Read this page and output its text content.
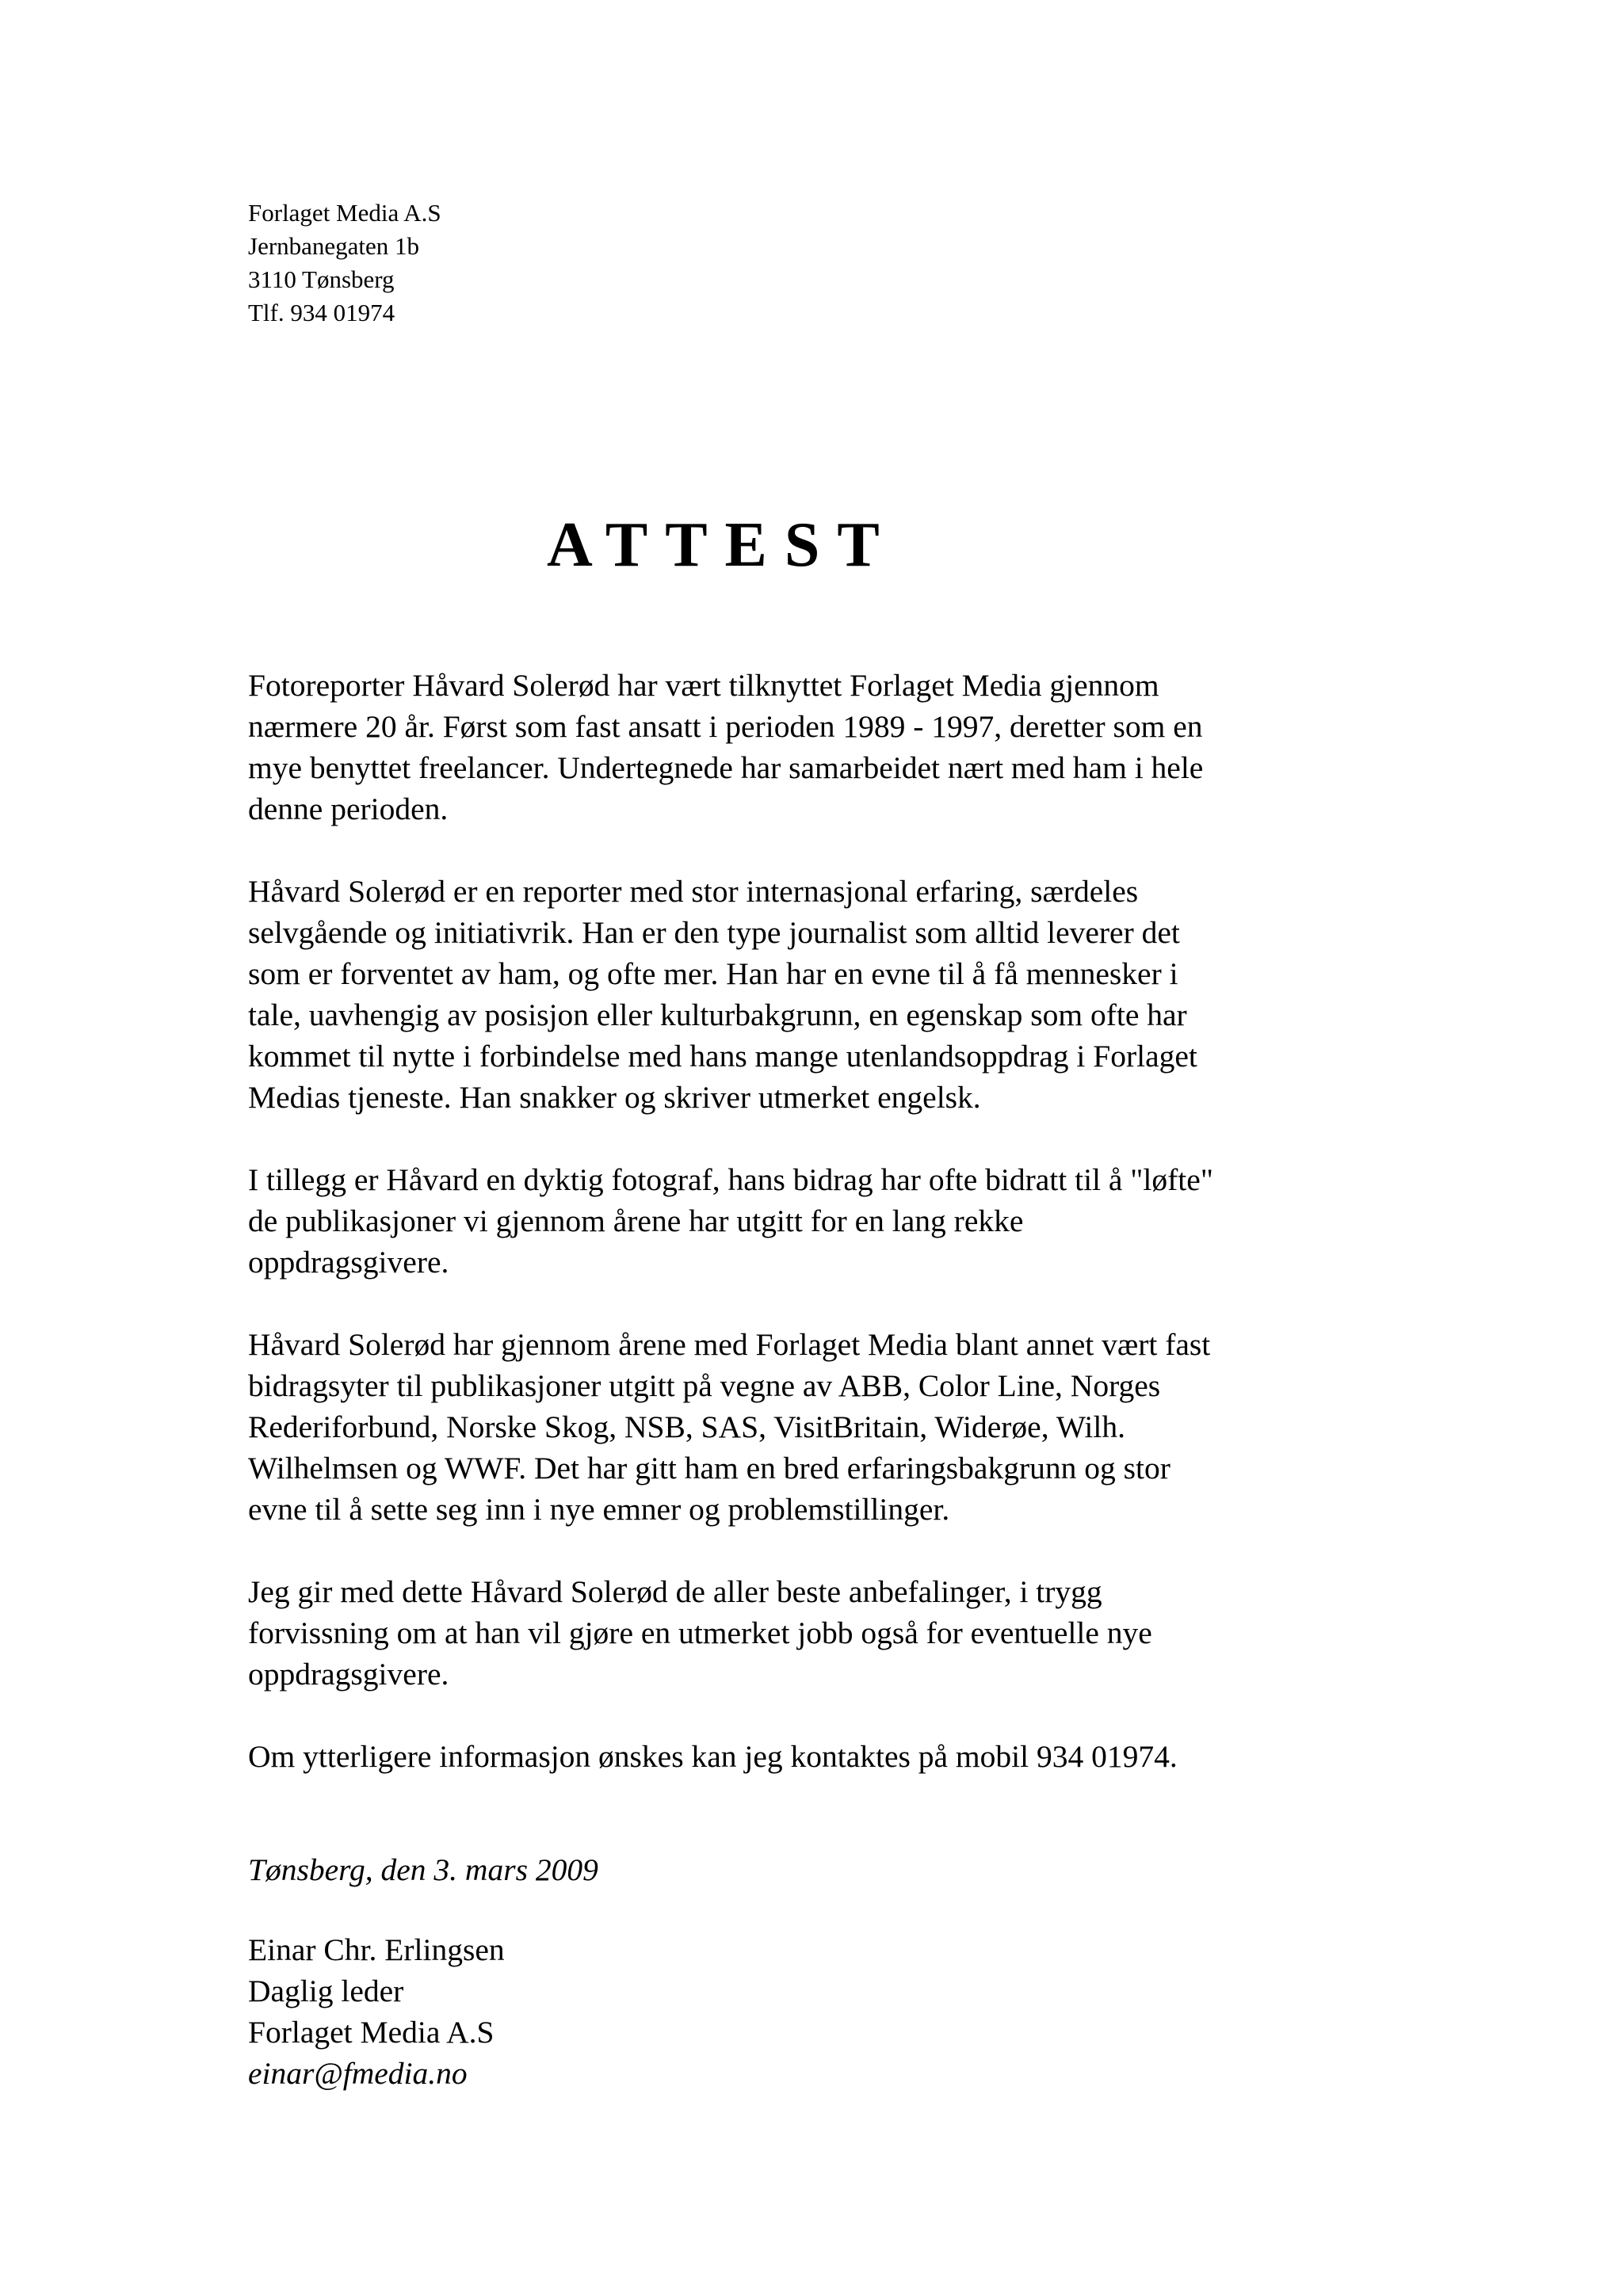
Forlaget Media A.S
Jernbanegaten 1b
3110 Tønsberg
Tlf. 934 01974
ATTEST
Fotoreporter Håvard Solerød har vært tilknyttet Forlaget Media gjennom
nærmere 20 år. Først som fast ansatt i perioden 1989 - 1997, deretter som en
mye benyttet freelancer. Undertegnede har samarbeidet nært med ham i hele
denne perioden.
Håvard Solerød er en reporter med stor internasjonal erfaring, særdeles
selvgående og initiativrik. Han er den type journalist som alltid leverer det
som er forventet av ham, og ofte mer. Han har en evne til å få mennesker i
tale, uavhengig av posisjon eller kulturbakgrunn, en egenskap som ofte har
kommet til nytte i forbindelse med hans mange utenlandsoppdrag i Forlaget
Medias tjeneste. Han snakker og skriver utmerket engelsk.
I tillegg er Håvard en dyktig fotograf, hans bidrag har ofte bidratt til å "løfte"
de publikasjoner vi gjennom årene har utgitt for en lang rekke
oppdragsgivere.
Håvard Solerød har gjennom årene med Forlaget Media blant annet vært fast
bidragsyter til publikasjoner utgitt på vegne av ABB, Color Line, Norges
Rederiforbund, Norske Skog, NSB, SAS, VisitBritain, Widerøe, Wilh.
Wilhelmsen og WWF. Det har gitt ham en bred erfaringsbakgrunn og stor
evne til å sette seg inn i nye emner og problemstillinger.
Jeg gir med dette Håvard Solerød de aller beste anbefalinger, i trygg
forvissning om at han vil gjøre en utmerket jobb også for eventuelle nye
oppdragsgivere.
Om ytterligere informasjon ønskes kan jeg kontaktes på mobil 934 01974.
Tønsberg, den 3. mars 2009
Einar Chr. Erlingsen
Daglig leder
Forlaget Media A.S
einar@fmedia.no
